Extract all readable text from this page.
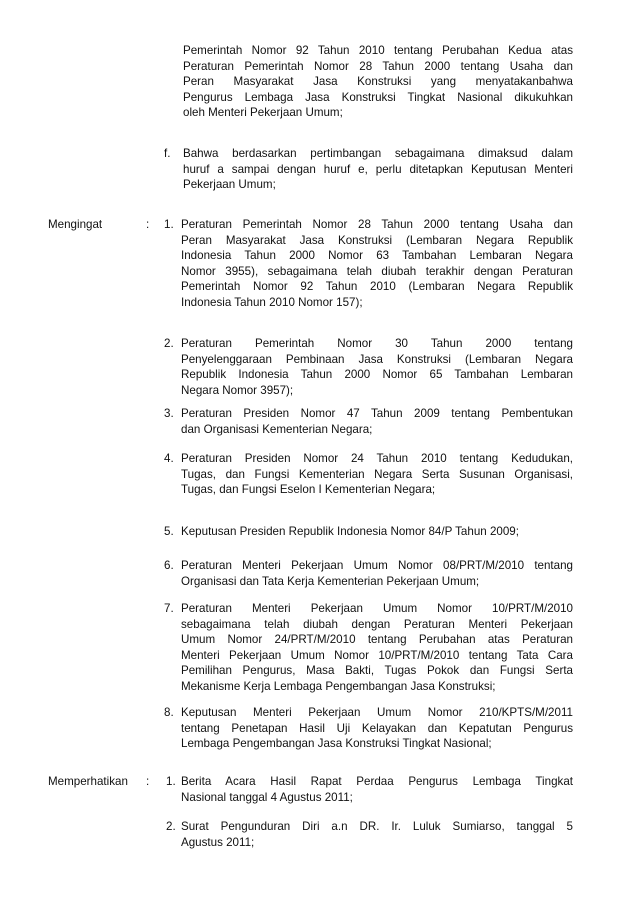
Pemerintah Nomor 92 Tahun 2010 tentang Perubahan Kedua atas
Peraturan Pemerintah Nomor 28 Tahun 2000 tentang Usaha dan
Peran Masyarakat Jasa Konstruksi yang menyatakanbahwa
Pengurus Lembaga Jasa Konstruksi Tingkat Nasional dikukuhkan
oleh Menteri Pekerjaan Umum;
f. Bahwa berdasarkan pertimbangan sebagaimana dimaksud dalam
huruf a sampai dengan huruf e, perlu ditetapkan Keputusan Menteri
Pekerjaan Umum;
Mengingat	: 1. Peraturan Pemerintah Nomor 28 Tahun 2000 tentang Usaha dan
Peran Masyarakat Jasa Konstruksi (Lembaran Negara Republik
Indonesia Tahun 2000 Nomor 63 Tambahan Lembaran Negara
Nomor 3955), sebagaimana telah diubah terakhir dengan Peraturan
Pemerintah Nomor 92 Tahun 2010 (Lembaran Negara Republik
Indonesia Tahun 2010 Nomor 157);
2. Peraturan Pemerintah Nomor 30 Tahun 2000 tentang
Penyelenggaraan Pembinaan Jasa Konstruksi (Lembaran Negara
Republik Indonesia Tahun 2000 Nomor 65 Tambahan Lembaran
Negara Nomor 3957);
3. Peraturan Presiden Nomor 47 Tahun 2009 tentang Pembentukan
dan Organisasi Kementerian Negara;
4. Peraturan Presiden Nomor 24 Tahun 2010 tentang Kedudukan,
Tugas, dan Fungsi Kementerian Negara Serta Susunan Organisasi,
Tugas, dan Fungsi Eselon I Kementerian Negara;
5. Keputusan Presiden Republik Indonesia Nomor 84/P Tahun 2009;
6. Peraturan Menteri Pekerjaan Umum Nomor 08/PRT/M/2010 tentang
Organisasi dan Tata Kerja Kementerian Pekerjaan Umum;
7. Peraturan Menteri Pekerjaan Umum Nomor 10/PRT/M/2010
sebagaimana telah diubah dengan Peraturan Menteri Pekerjaan
Umum Nomor 24/PRT/M/2010 tentang Perubahan atas Peraturan
Menteri Pekerjaan Umum Nomor 10/PRT/M/2010 tentang Tata Cara
Pemilihan Pengurus, Masa Bakti, Tugas Pokok dan Fungsi Serta
Mekanisme Kerja Lembaga Pengembangan Jasa Konstruksi;
8. Keputusan Menteri Pekerjaan Umum Nomor 210/KPTS/M/2011
tentang Penetapan Hasil Uji Kelayakan dan Kepatutan Pengurus
Lembaga Pengembangan Jasa Konstruksi Tingkat Nasional;
Memperhatikan : 1. Berita Acara Hasil Rapat Perdaa Pengurus Lembaga Tingkat
Nasional tanggal 4 Agustus 2011;
2. Surat Pengunduran Diri a.n DR. Ir. Luluk Sumiarso, tanggal 5
Agustus 2011;
